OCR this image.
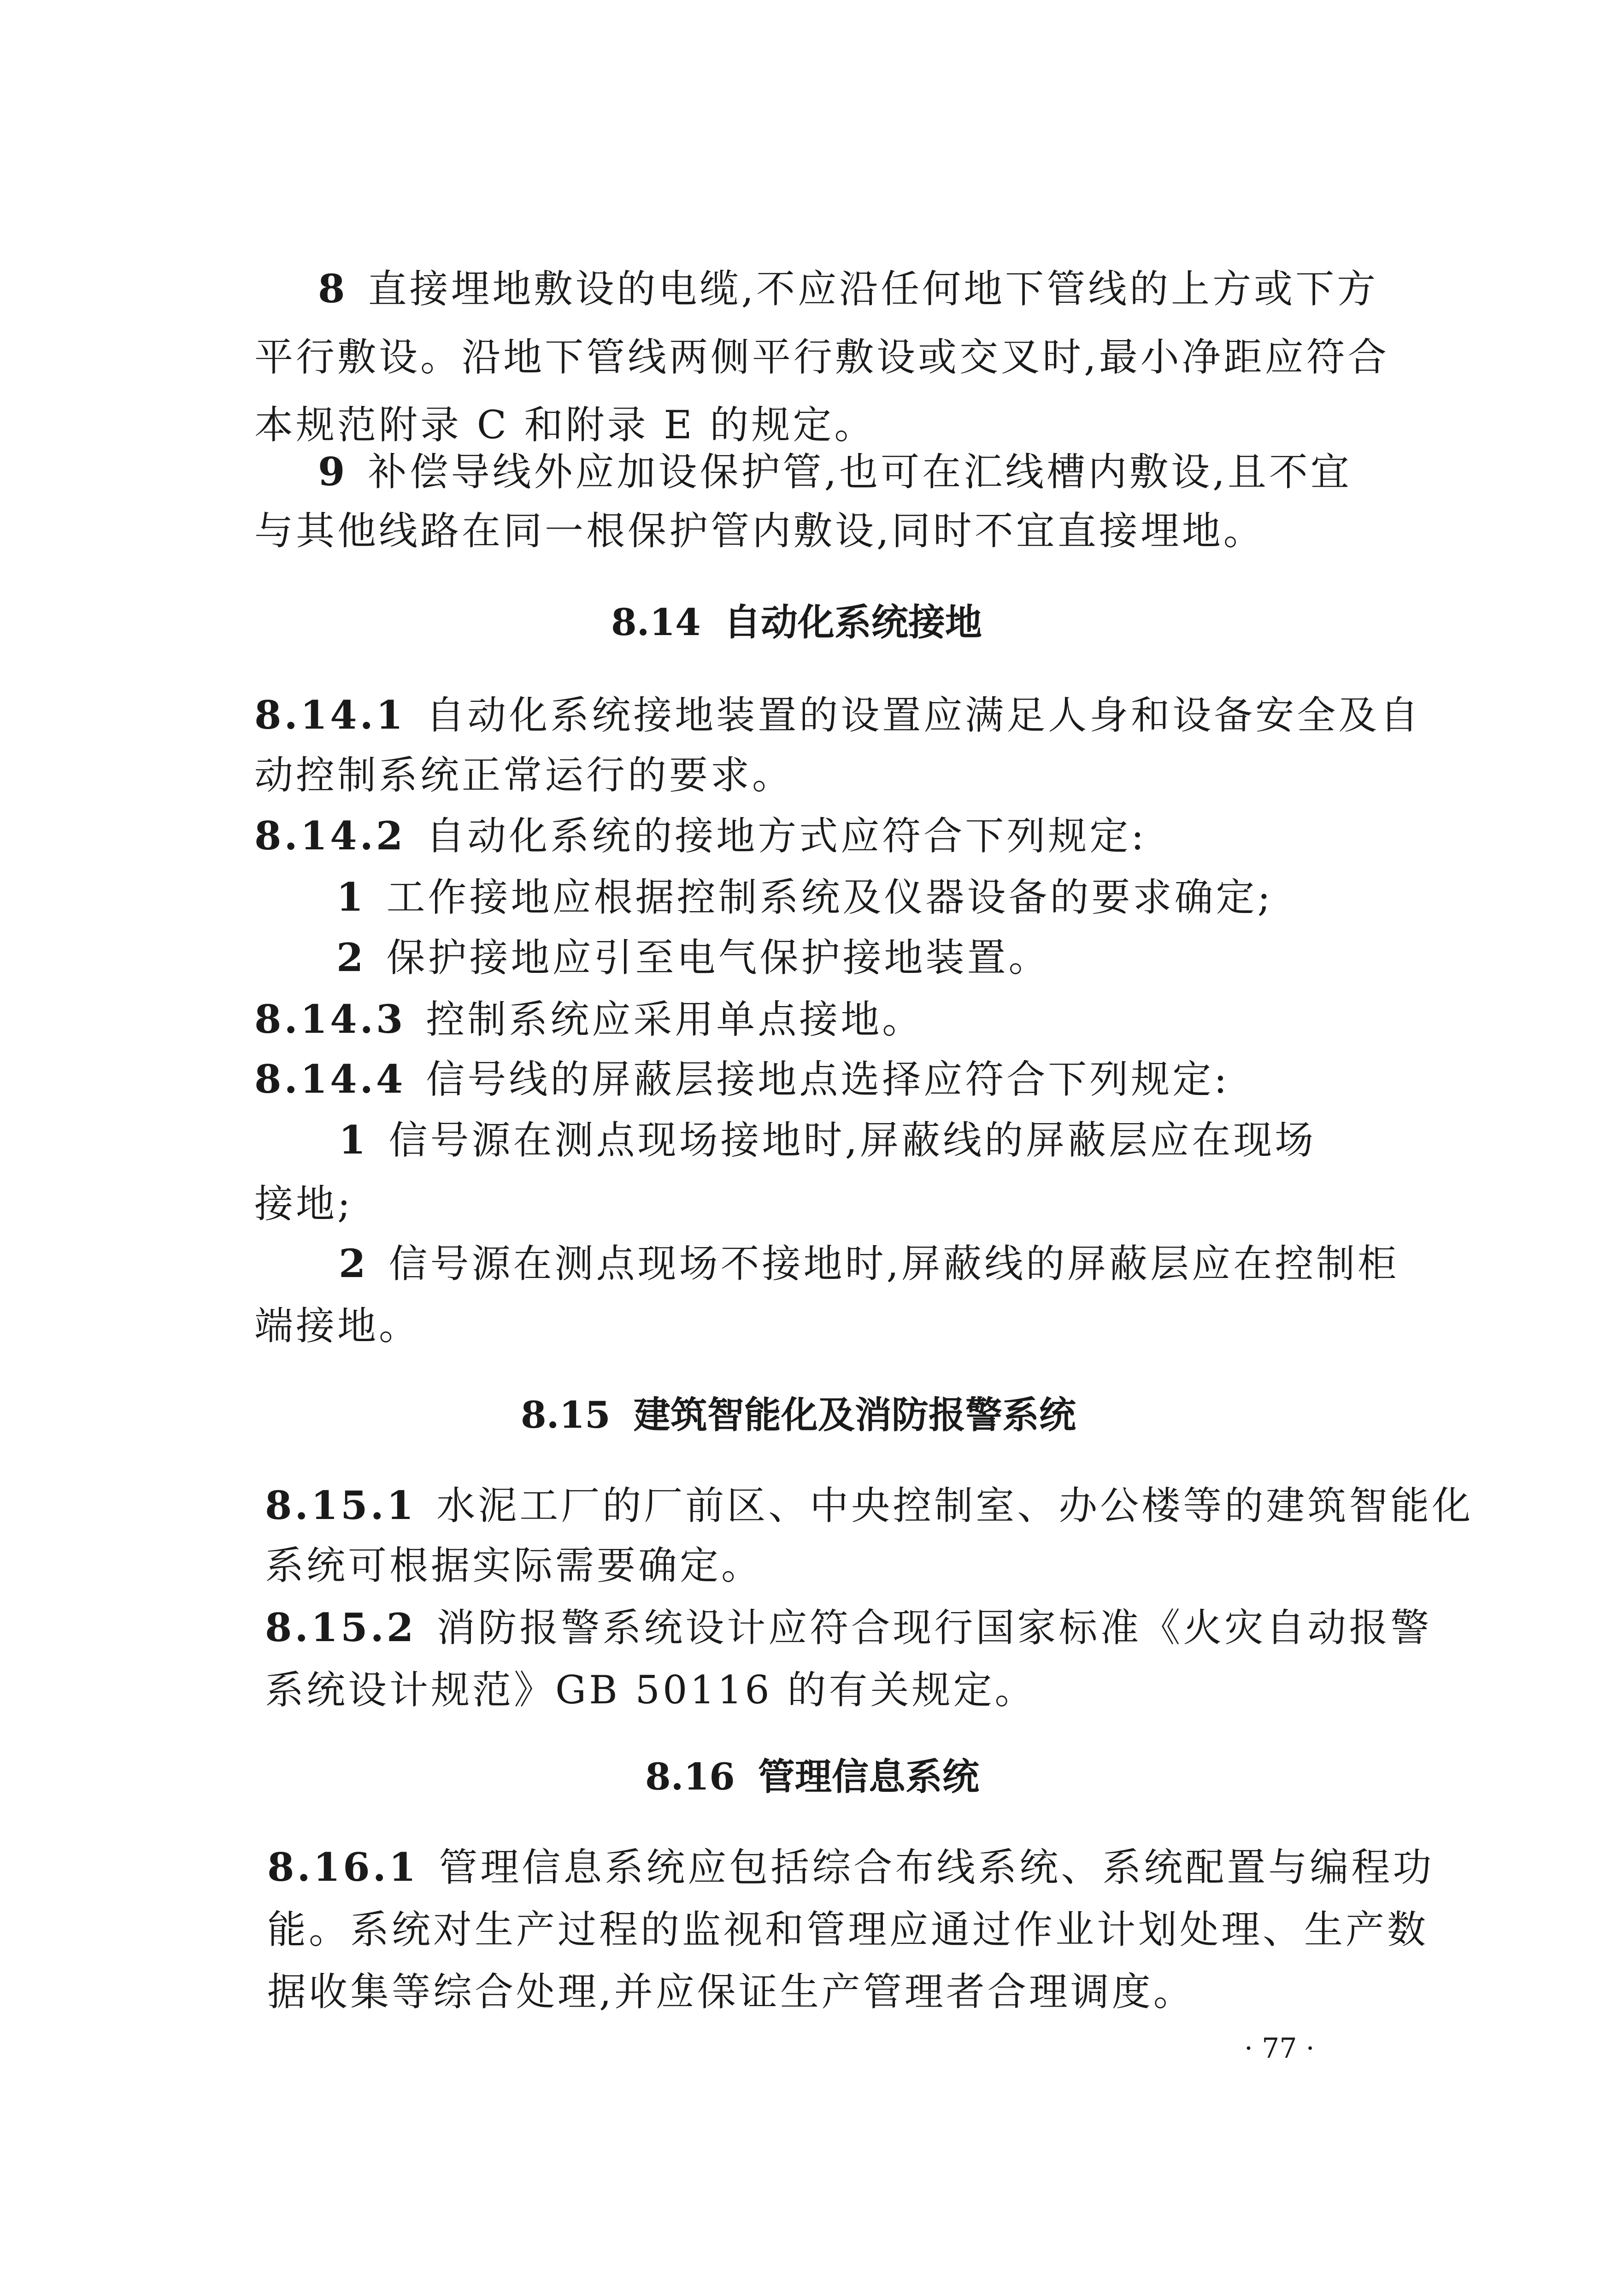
8 直接埋地敷设的电缆,不应沿任何地下管线的上方或下方
平行敷设。沿地下管线两侧平行敷设或交叉时,最小净距应符合
本规范附录 C 和附录 E 的规定。
9 补偿导线外应加设保护管,也可在汇线槽内敷设,且不宜
与其他线路在同一根保护管内敷设,同时不宜直接埋地。
8.14 自动化系统接地
8.14.1 自动化系统接地装置的设置应满足人身和设备安全及自
动控制系统正常运行的要求。
8.14.2 自动化系统的接地方式应符合下列规定:
1 工作接地应根据控制系统及仪器设备的要求确定;
2 保护接地应引至电气保护接地装置。
8.14.3 控制系统应采用单点接地。
8.14.4 信号线的屏蔽层接地点选择应符合下列规定:
1 信号源在测点现场接地时,屏蔽线的屏蔽层应在现场
接地;
2 信号源在测点现场不接地时,屏蔽线的屏蔽层应在控制柜
端接地。
8.15 建筑智能化及消防报警系统
8.15.1 水泥工厂的厂前区、中央控制室、办公楼等的建筑智能化
系统可根据实际需要确定。
8.15.2 消防报警系统设计应符合现行国家标准《火灾自动报警
系统设计规范》GB 50116 的有关规定。
8.16 管理信息系统
8.16.1 管理信息系统应包括综合布线系统、系统配置与编程功
能。系统对生产过程的监视和管理应通过作业计划处理、生产数
据收集等综合处理,并应保证生产管理者合理调度。
· 77 ·
